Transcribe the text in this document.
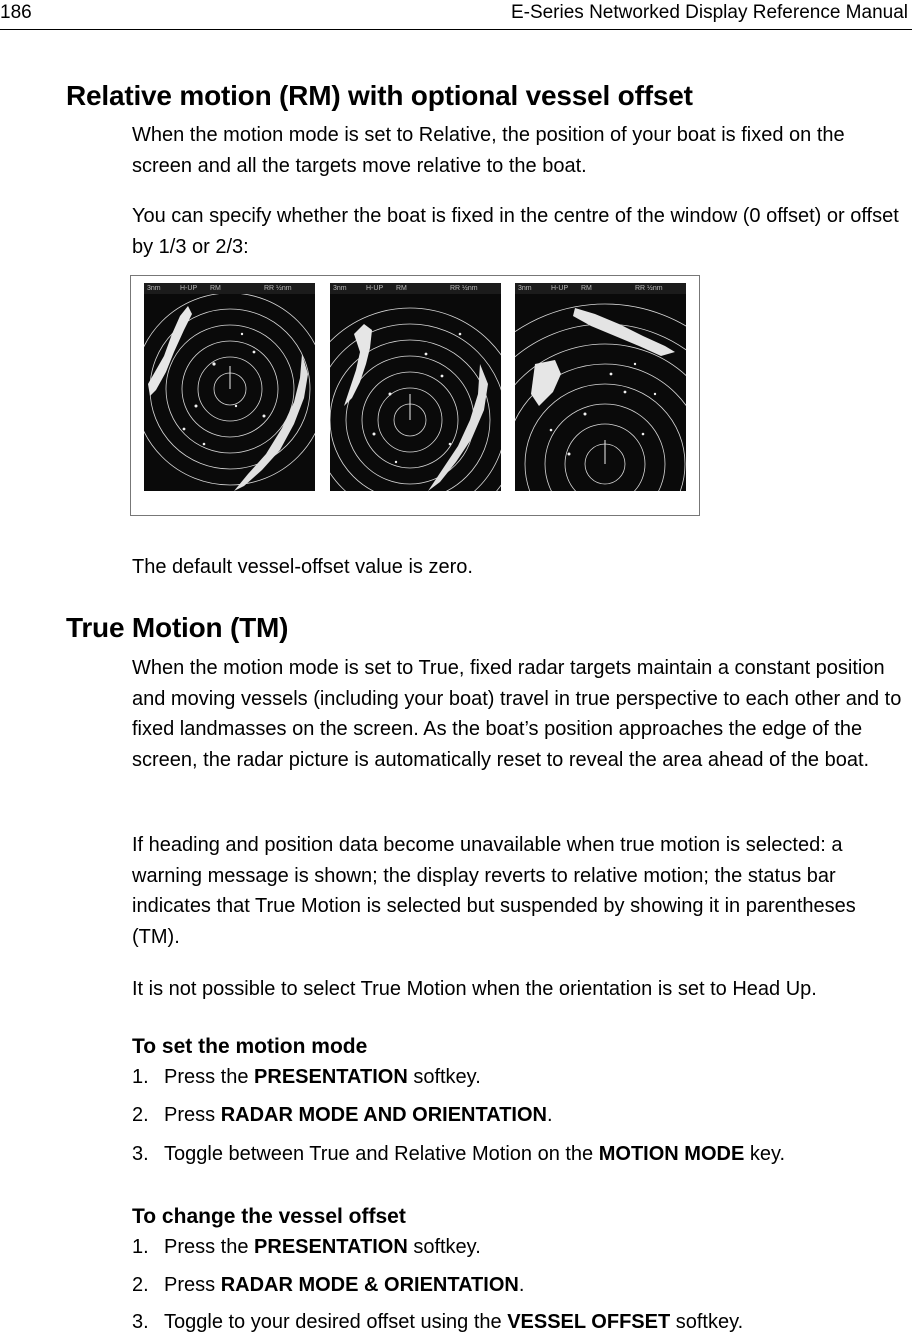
186	E-Series Networked Display Reference Manual
Relative motion (RM) with optional vessel offset

When the motion mode is set to Relative, the position of your boat is fixed on the screen and all the targets move relative to the boat.

You can specify whether the boat is fixed in the centre of the window (0 offset) or offset by 1/3 or 2/3:

3nm	H-UP RM	RR ½nm	3nm	H-UP RM	RR ½nm	3nm	H-UP RM	RR ½nm

The default vessel-offset value is zero.

True Motion (TM)

When the motion mode is set to True, fixed radar targets maintain a constant position and moving vessels (including your boat) travel in true perspective to each other and to fixed landmasses on the screen. As the boat’s position approaches the edge of the screen, the radar picture is automatically reset to reveal the area ahead of the boat.

If heading and position data become unavailable when true motion is selected: a warning message is shown; the display reverts to relative motion; the status bar indicates that True Motion is selected but suspended by showing it in parentheses (TM).

It is not possible to select True Motion when the orientation is set to Head Up.

To set the motion mode
1. Press the PRESENTATION softkey.
2. Press RADAR MODE AND ORIENTATION.
3. Toggle between True and Relative Motion on the MOTION MODE key.
To change the vessel offset
1. Press the PRESENTATION softkey.
2. Press RADAR MODE & ORIENTATION.
3. Toggle to your desired offset using the VESSEL OFFSET softkey.
